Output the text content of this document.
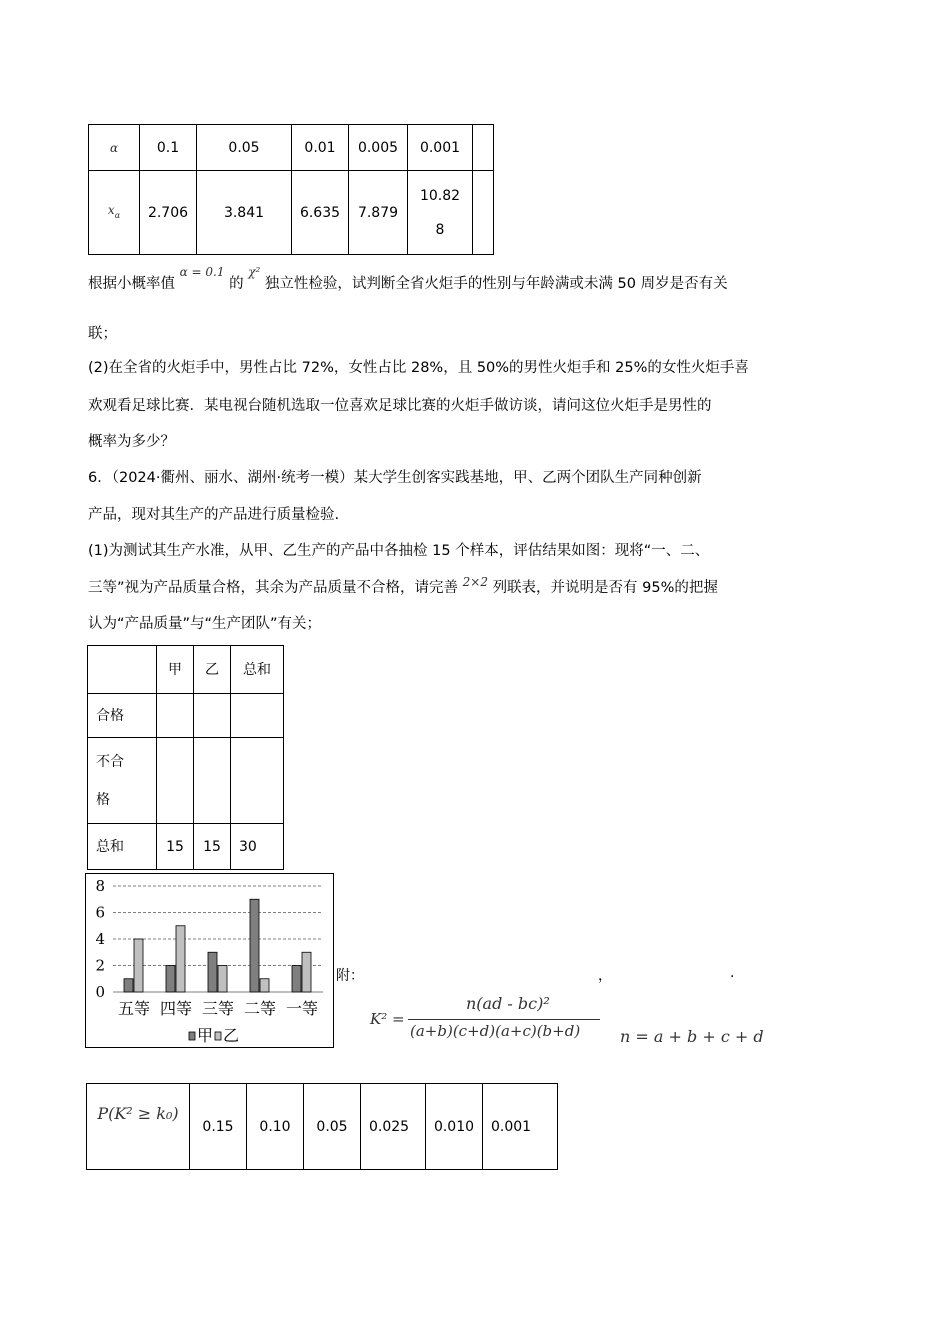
α	0.1	0.05	0.01	0.005	0.001	
$x_\alpha$	2.706	3.841	6.635	7.879	10.828	
根据小概率值 $^{\alpha = 0.1}$ 的 $^{\chi^2}$ 独立性检验，试判断全省火炬手的性别与年龄满或未满 50 周岁是否有关
联；
(2)在全省的火炬手中，男性占比 72%，女性占比 28%，且 50%的男性火炬手和 25%的女性火炬手喜
欢观看足球比赛．某电视台随机选取一位喜欢足球比赛的火炬手做访谈，请问这位火炬手是男性的
概率为多少？
6．（2024·衢州、丽水、湖州·统考一模）某大学生创客实践基地，甲、乙两个团队生产同种创新
产品，现对其生产的产品进行质量检验.
(1)为测试其生产水准，从甲、乙生产的产品中各抽检 15 个样本，评估结果如图：现将“一、二、
三等”视为产品质量合格，其余为产品质量不合格，请完善 $^{2\times 2}$ 列联表，并说明是否有 95%的把握
认为“产品质量”与“生产团队”有关；
	甲	乙	总和
合格			
不合格			
总和	15	15	30
0
2
4
6
8
五等 四等 三等 二等 一等
甲 乙
附：	，	.
K² =
n(ad - bc)²
(a+b)(c+d)(a+c)(b+d) n = a + b + c + d
P(K² ≥ k₀)	0.15	0.10	0.05	0.025	0.010	0.001
